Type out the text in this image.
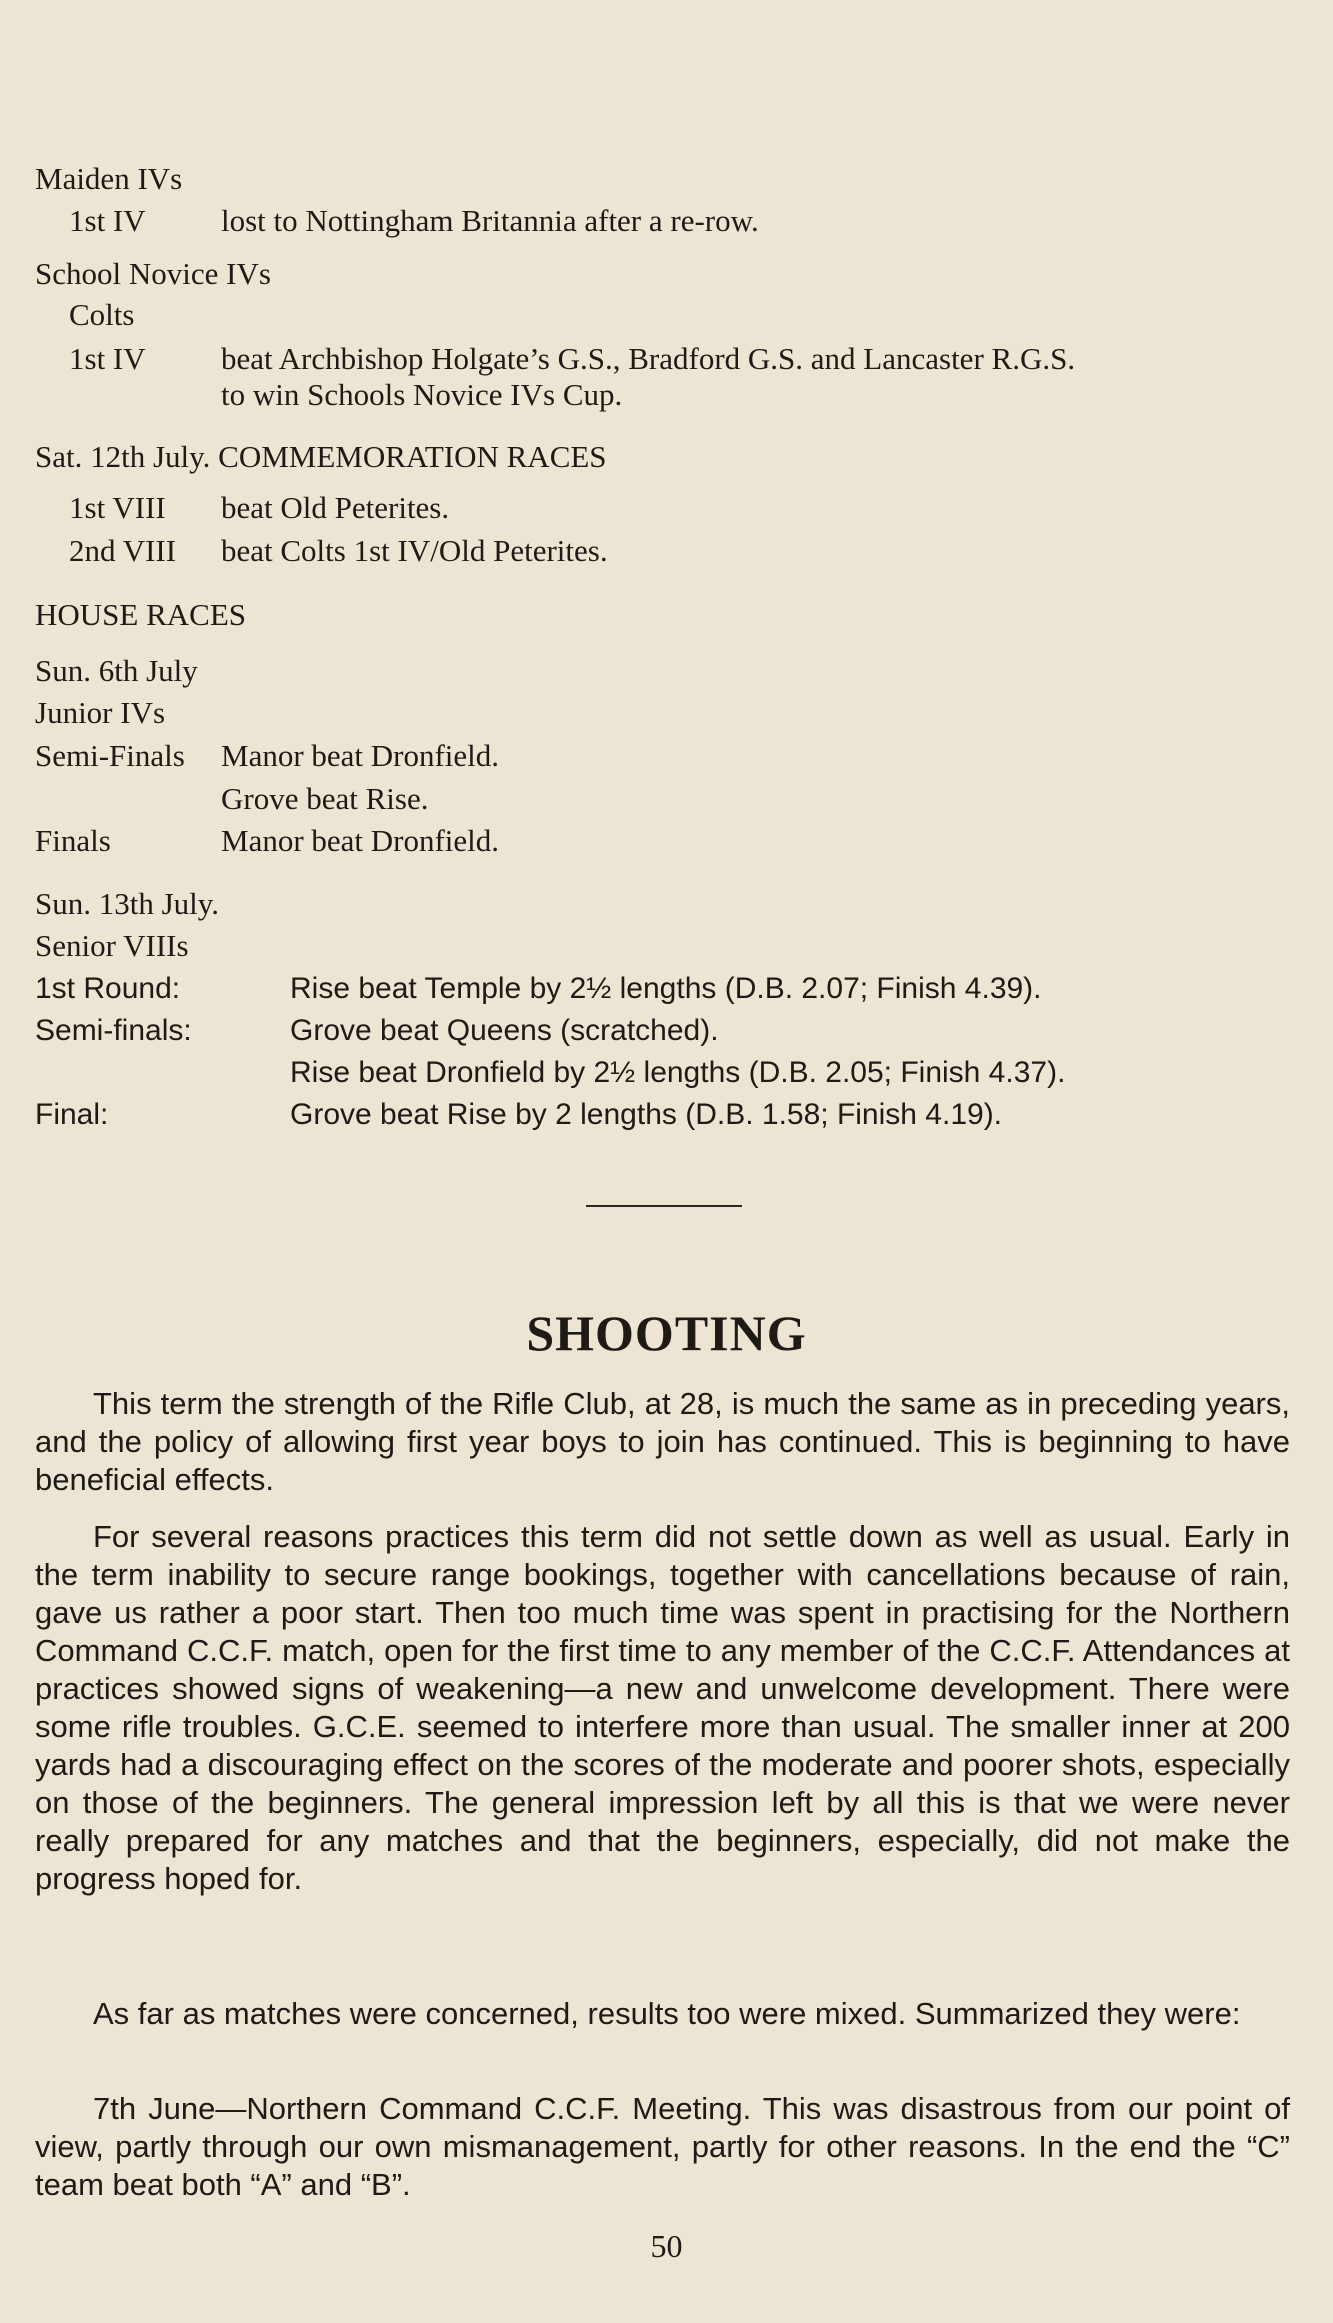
Maiden IVs
1st IV lost to Nottingham Britannia after a re-row.
School Novice IVs
Colts
1st IV beat Archbishop Holgate’s G.S., Bradford G.S. and Lancaster R.G.S.
to win Schools Novice IVs Cup.
Sat. 12th July. COMMEMORATION RACES
1st VIII beat Old Peterites.
2nd VIII beat Colts 1st IV/Old Peterites.
HOUSE RACES
Sun. 6th July
Junior IVs
Semi-Finals Manor beat Dronfield.
Grove beat Rise.
Finals	Manor beat Dronfield.
Sun. 13th July.
Senior VIIIs
1st Round:	Rise beat Temple by 2½ lengths (D.B. 2.07; Finish 4.39).
Semi-finals:	Grove beat Queens (scratched).
Rise beat Dronfield by 2½ lengths (D.B. 2.05; Finish 4.37).
Final:	Grove beat Rise by 2 lengths (D.B. 1.58; Finish 4.19).
SHOOTING

This term the strength of the Rifle Club, at 28, is much the same as in preceding years, and the policy of allowing first year boys to join has continued. This is beginning to have beneficial effects.

For several reasons practices this term did not settle down as well as usual. Early in the term inability to secure range bookings, together with cancellations because of rain, gave us rather a poor start. Then too much time was spent in practising for the Northern Command C.C.F. match, open for the first time to any member of the C.C.F. Attendances at practices showed signs of weakening—a new and unwelcome development. There were some rifle troubles. G.C.E. seemed to interfere more than usual. The smaller inner at 200 yards had a discouraging effect on the scores of the moderate and poorer shots, especially on those of the beginners. The general impression left by all this is that we were never really prepared for any matches and that the beginners, especially, did not make the progress hoped for.

As far as matches were concerned, results too were mixed. Summarized they were:

7th June—Northern Command C.C.F. Meeting. This was disastrous from our point of view, partly through our own mismanagement, partly for other reasons. In the end the “C” team beat both “A” and “B”.

50
